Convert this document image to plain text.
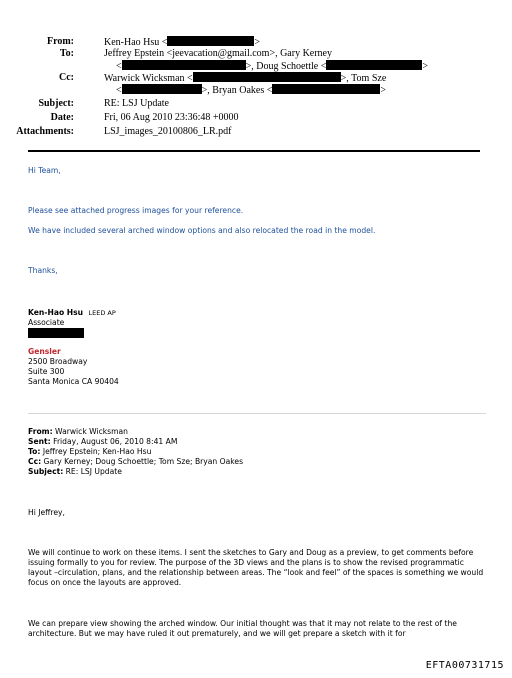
From:	Ken-Hao Hsu <	>
To:	Jeffrey Epstein <jeevacation@gmail.com>, Gary Kerney
<	>, Doug Schoettle <	>
Cc:	Warwick Wicksman <	>, Tom Sze
<	>, Bryan Oakes <	>
Subject:	RE: LSJ Update
Date:	Fri, 06 Aug 2010 23:36:48 +0000
Attachments:	LSJ_images_20100806_LR.pdf
Hi Team,
Please see attached progress images for your reference.
We have included several arched window options and also relocated the road in the model.
Thanks,
Ken-Hao Hsu LEED AP
Associate
Gensler
2500 Broadway
Suite 300
Santa Monica CA 90404
From: Warwick Wicksman
Sent: Friday, August 06, 2010 8:41 AM
To: Jeffrey Epstein; Ken-Hao Hsu
Cc: Gary Kerney; Doug Schoettle; Tom Sze; Bryan Oakes
Subject: RE: LSJ Update
Hi Jeffrey,
We will continue to work on these items. I sent the sketches to Gary and Doug as a preview, to get comments before issuing formally to you for review. The purpose of the 3D views and the plans is to show the revised programmatic layout –circulation, plans, and the relationship between areas. The “look and feel” of the spaces is something we would focus on once the layouts are approved.
We can prepare view showing the arched window. Our initial thought was that it may not relate to the rest of the architecture. But we may have ruled it out prematurely, and we will get prepare a sketch with it for
EFTA00731715
